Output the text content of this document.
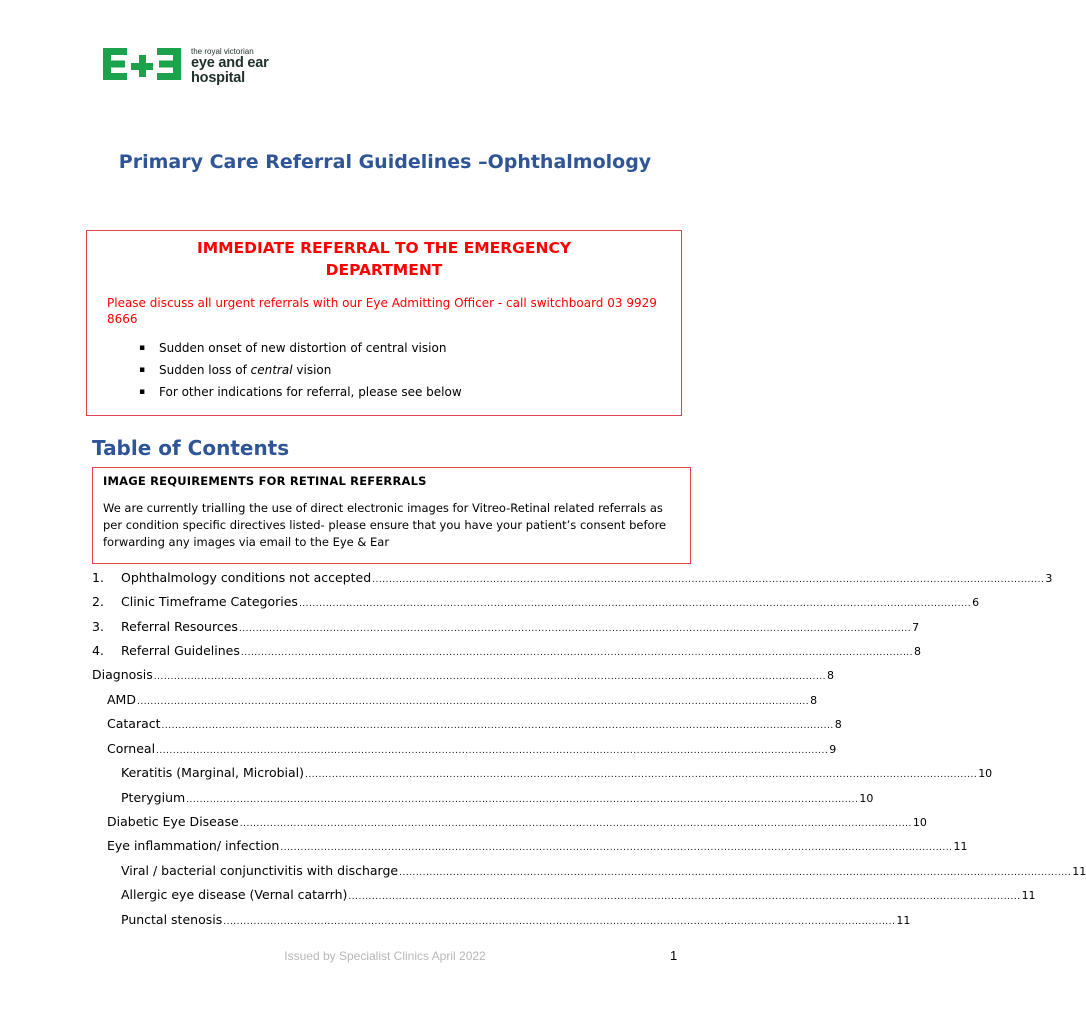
the royal victorian
eye and ear
hospital
Primary Care Referral Guidelines –Ophthalmology
IMMEDIATE REFERRAL TO THE EMERGENCY
DEPARTMENT
Please discuss all urgent referrals with our Eye Admitting Officer - call switchboard 03 9929 8666
▪ Sudden onset of new distortion of central vision
▪ Sudden loss of central vision
▪ For other indications for referral, please see below
Table of Contents
IMAGE REQUIREMENTS FOR RETINAL REFERRALS
We are currently trialling the use of direct electronic images for Vitreo-Retinal related referrals as per condition specific directives listed- please ensure that you have your patient’s consent before forwarding any images via email to the Eye & Ear
1.	Ophthalmology conditions not accepted ........................................................................................................................................................................................................ 3
2.	Clinic Timeframe Categories ........................................................................................................................................................................................................ 6
3.	Referral Resources ........................................................................................................................................................................................................ 7
4.	Referral Guidelines ........................................................................................................................................................................................................ 8
Diagnosis ........................................................................................................................................................................................................ 8
AMD ........................................................................................................................................................................................................ 8
Cataract ........................................................................................................................................................................................................ 8
Corneal ........................................................................................................................................................................................................ 9
Keratitis (Marginal, Microbial) ........................................................................................................................................................................................................ 10
Pterygium ........................................................................................................................................................................................................ 10
Diabetic Eye Disease ........................................................................................................................................................................................................ 10
Eye inflammation/ infection ........................................................................................................................................................................................................ 11
Viral / bacterial conjunctivitis with discharge ........................................................................................................................................................................................................ 11
Allergic eye disease (Vernal catarrh) ........................................................................................................................................................................................................ 11
Punctal stenosis ........................................................................................................................................................................................................ 11
Issued by Specialist Clinics April 2022	1
